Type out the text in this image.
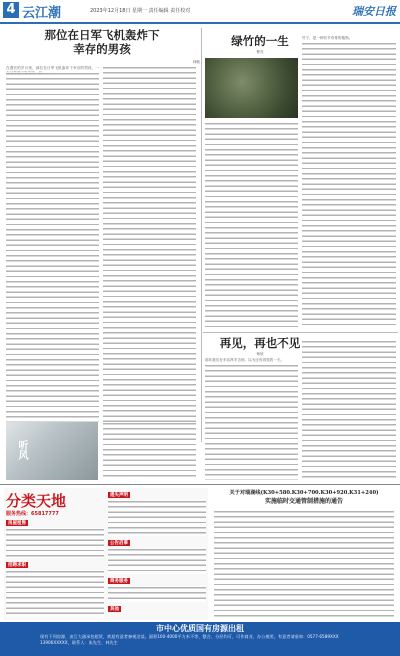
4 云江潮	2023年12月18日 星期一 责任编辑 责任校对	瑞安日报
那位在日军飞机轰炸下
幸存的男孩
林敏
在漫长的岁月里，那位在日军飞机轰炸下幸存的男孩，一
听风
绿竹的一生
曹亮
竹子，是一种有节有骨的植物。
再见，再也不见
杨欣
那年我们在车站挥手告别，以为还有再见的一天。
分类天地
服务热线：65817777
房屋租售
招聘求职
遗失声明
公告启事
商务服务
其他
关于对瑞湖线(K30+580.K30+700.K30+920.K31+240)
实施临时交通管制措施的通告
市中心优质国有房源出租
现有下列房源，由江大通承包租赁，欢迎有意者参观洽谈。面积100-4000平方米不等，整合、分层均可，可作商业、办公使用，有意者请垂询：0577-6589XXX 13906XXXXX，联系人：朱先生、林先生
